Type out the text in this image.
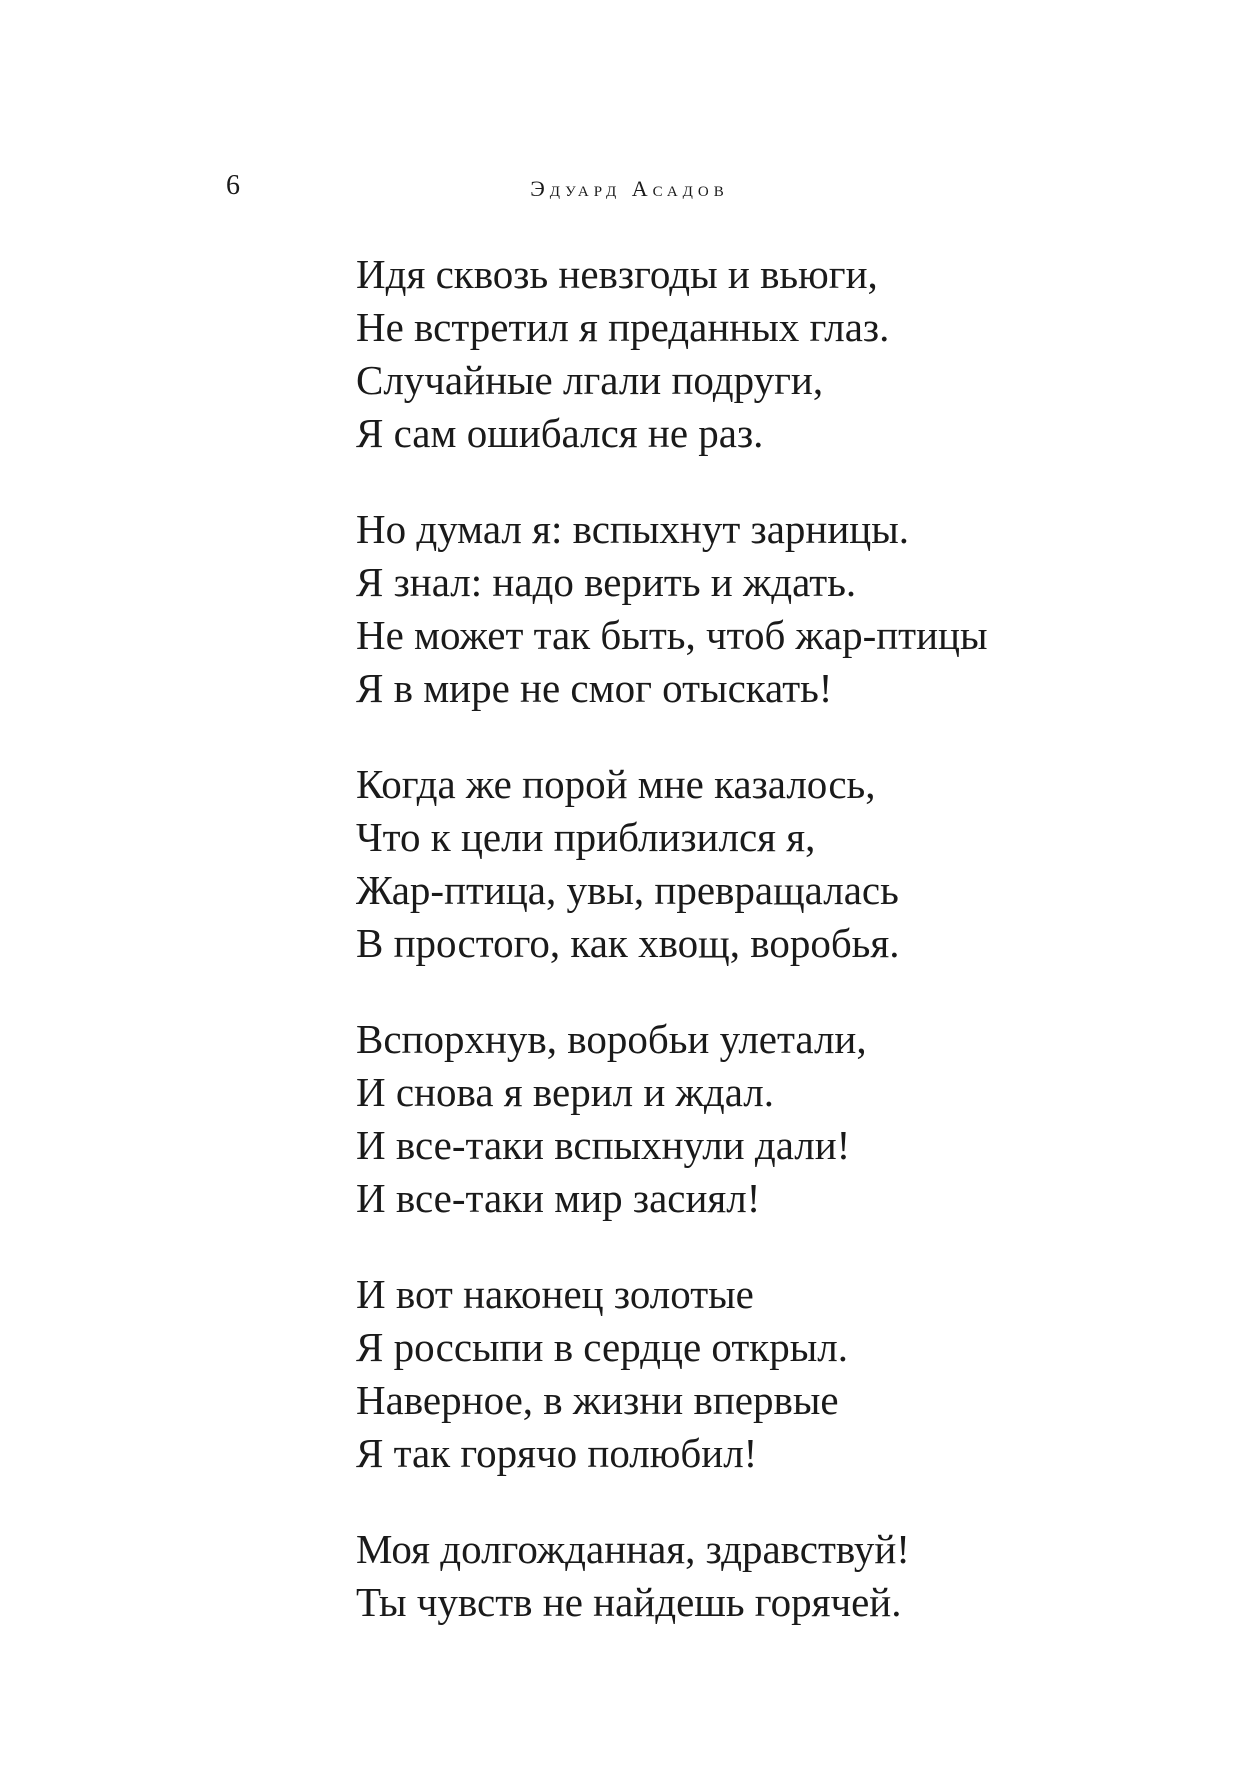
6	Эдуард Асадов
Идя сквозь невзгоды и вьюги,
Не встретил я преданных глаз.
Случайные лгали подруги,
Я сам ошибался не раз.
Но думал я: вспыхнут зарницы.
Я знал: надо верить и ждать.
Не может так быть, чтоб жар-птицы
Я в мире не смог отыскать!
Когда же порой мне казалось,
Что к цели приблизился я,
Жар-птица, увы, превращалась
В простого, как хвощ, воробья.
Вспорхнув, воробьи улетали,
И снова я верил и ждал.
И все-таки вспыхнули дали!
И все-таки мир засиял!
И вот наконец золотые
Я россыпи в сердце открыл.
Наверное, в жизни впервые
Я так горячо полюбил!
Моя долгожданная, здравствуй!
Ты чувств не найдешь горячей.
